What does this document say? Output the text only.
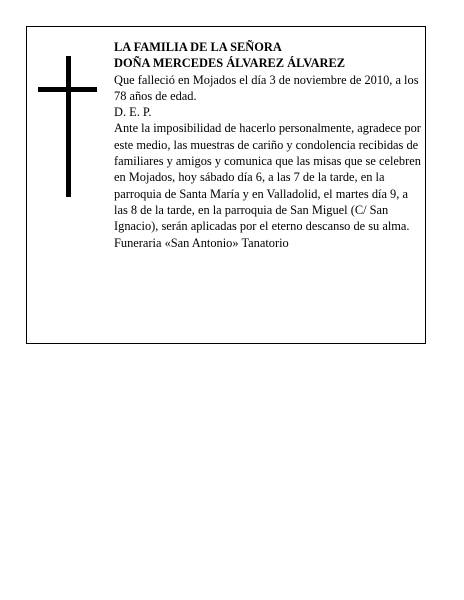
LA FAMILIA DE LA SEÑORA

DOÑA MERCEDES ÁLVAREZ ÁLVAREZ

Que falleció en Mojados el día 3 de noviembre de 2010, a los 78 años de edad.

D. E. P.

Ante la imposibilidad de hacerlo personalmente, agradece por este medio, las muestras de cariño y condolencia recibidas de familiares y amigos y comunica que las misas que se celebren en Mojados, hoy sábado día 6, a las 7 de la tarde, en la parroquia de Santa María y en Valladolid, el martes día 9, a las 8 de la tarde, en la parroquia de San Miguel (C/ San Ignacio), serán aplicadas por el eterno descanso de su alma.

Funeraria «San Antonio» Tanatorio
